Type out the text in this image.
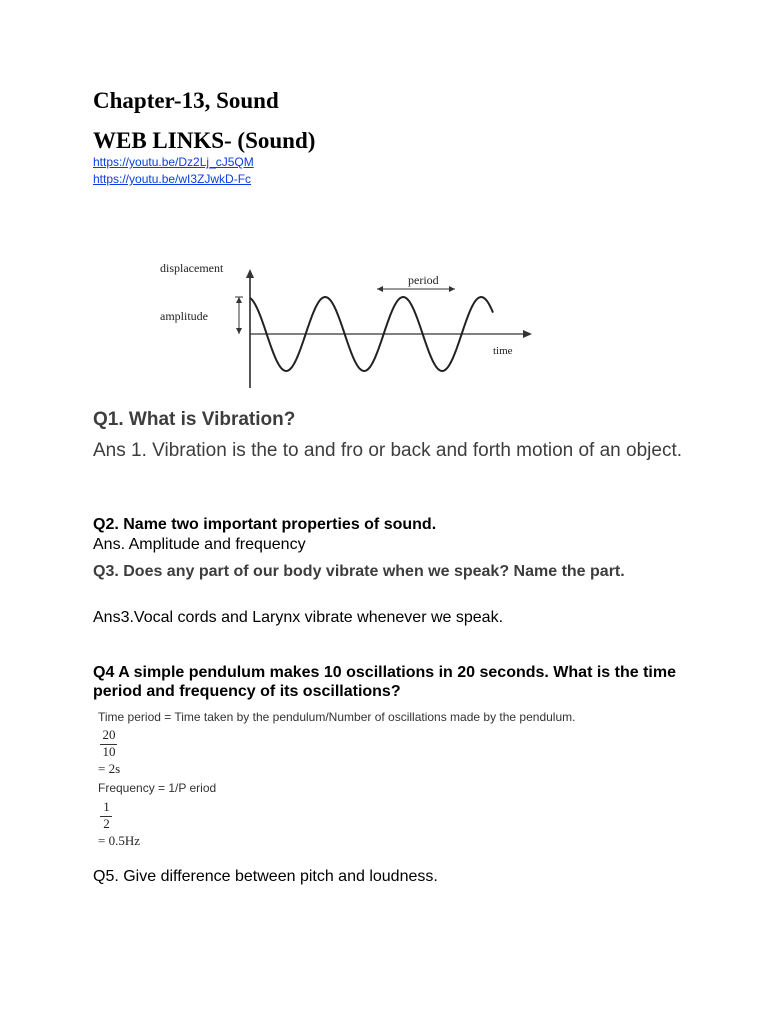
Chapter-13, Sound
WEB LINKS- (Sound)
https://youtu.be/Dz2Lj_cJ5QM
https://youtu.be/wI3ZJwkD-Fc
displacement
amplitude
period
time

Q1. What is Vibration?

Ans 1. Vibration is the to and fro or back and forth motion of an object.

Q2. Name two important properties of sound.

Ans. Amplitude and frequency

Q3. Does any part of our body vibrate when we speak? Name the part.

Ans3.Vocal cords and Larynx vibrate whenever we speak.

Q4 A simple pendulum makes 10 oscillations in 20 seconds. What is the time period and frequency of its oscillations?

Time period = Time taken by the pendulum/Number of oscillations made by the pendulum.
20
10
= 2s
Frequency = 1/P eriod
1
2
= 0.5Hz

Q5. Give difference between pitch and loudness.
